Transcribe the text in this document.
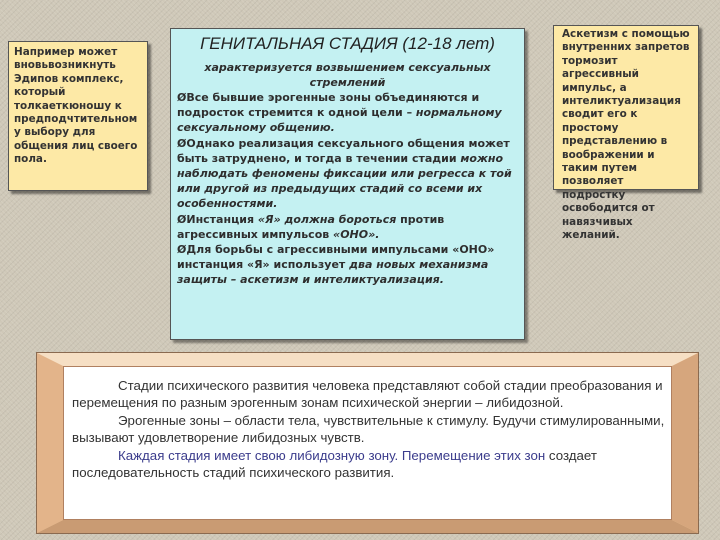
Например может вновьвозникнуть Эдипов комплекс, который толкаеткюношу к предподчтительном у выбору для общения лиц своего пола.
ГЕНИТАЛЬНАЯ СТАДИЯ (12-18 лет)
характеризуется возвышением сексуальных стремлений
ØВсе бывшие эрогенные зоны объединяются и подросток стремится к одной цели – нормальному сексуальному общению.
ØОднако реализация сексуального общения может быть затруднено, и тогда в течении стадии можно наблюдать феномены фиксации или регресса к той или другой из предыдущих стадий со всеми их особенностями.
ØИнстанция «Я» должна бороться против агрессивных импульсов «ОНО».
ØДля борьбы с агрессивными импульсами «ОНО» инстанция «Я» использует два новых механизма защиты – аскетизм и интеликтуализация.
Аскетизм с помощью внутренних запретов тормозит агрессивный импульс, а интеликтуализация сводит его к простому представлению в воображении и таким путем позволяет подростку освободится от навязчивых желаний.

Стадии психического развития человека представляют собой стадии преобразования и перемещения по разным эрогенным зонам психической энергии – либидозной.

Эрогенные зоны – области тела, чувствительные к стимулу. Будучи стимулированными, вызывают удовлетворение либидозных чувств.

Каждая стадия имеет свою либидозную зону. Перемещение этих зон создает последовательность стадий психического развития.
